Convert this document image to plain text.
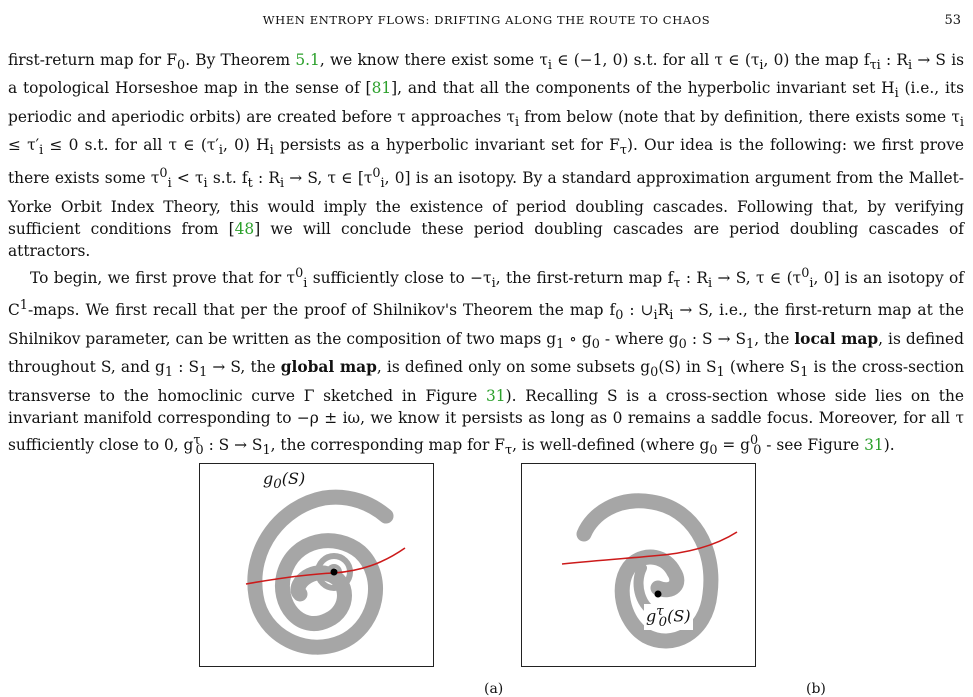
WHEN ENTROPY FLOWS: DRIFTING ALONG THE ROUTE TO CHAOS	53

first-return map for $F_0$. By Theorem 5.1, we know there exist some $\tau_i$ ∈ (−1, 0) s.t. for all τ ∈ ($\tau_i$, 0) the map $f_{\tau i}$ : $R_i \to S$ is a topological Horseshoe map in the sense of [81], and that all the components of the hyperbolic invariant set $H_i$ (i.e., its periodic and aperiodic orbits) are created before τ approaches $\tau_i$ from below (note that by definition, there exists some $\tau_i \le \tau'_i \le 0$ s.t. for all τ ∈ ($\tau'_i$, 0) $H_i$ persists as a hyperbolic invariant set for $F_\tau$). Our idea is the following: we first prove there exists some $\tau^0_i < \tau_i$ s.t. $f_t$ : $R_i \to S$, τ ∈ [$\tau^0_i$, 0] is an isotopy. By a standard approximation argument from the Mallet-Yorke Orbit Index Theory, this would imply the existence of period doubling cascades. Following that, by verifying sufficient conditions from [48] we will conclude these period doubling cascades are period doubling cascades of attractors.

To begin, we first prove that for $\tau^0_i$ sufficiently close to $-\tau_i$, the first-return map $f_\tau$ : $R_i \to S$, τ ∈ ($\tau^0_i$, 0] is an isotopy of $C^1$-maps. We first recall that per the proof of Shilnikov's Theorem the map $f_0$ : $\cup_iR_i \to S$, i.e., the first-return map at the Shilnikov parameter, can be written as the composition of two maps $g_1$ ∘ $g_0$ - where $g_0$ : $S \to S_1$, the local map, is defined throughout S, and $g_1$ : $S_1 \to S$, the global map, is defined only on some subsets $g_0(S)$ in $S_1$ (where $S_1$ is the cross-section transverse to the homoclinic curve Γ sketched in Figure 31). Recalling S is a cross-section whose side lies on the invariant manifold corresponding to −ρ ± iω, we know it persists as long as 0 remains a saddle focus. Moreover, for all τ sufficiently close to 0, $g^\tau_0$ : $S \to S_1$, the corresponding map for $F_\tau$, is well-defined (where $g_0 = g^0_0$ - see Figure 31).

$g_0(S)$
$g^\tau_0(S)$
(a)	(b)
